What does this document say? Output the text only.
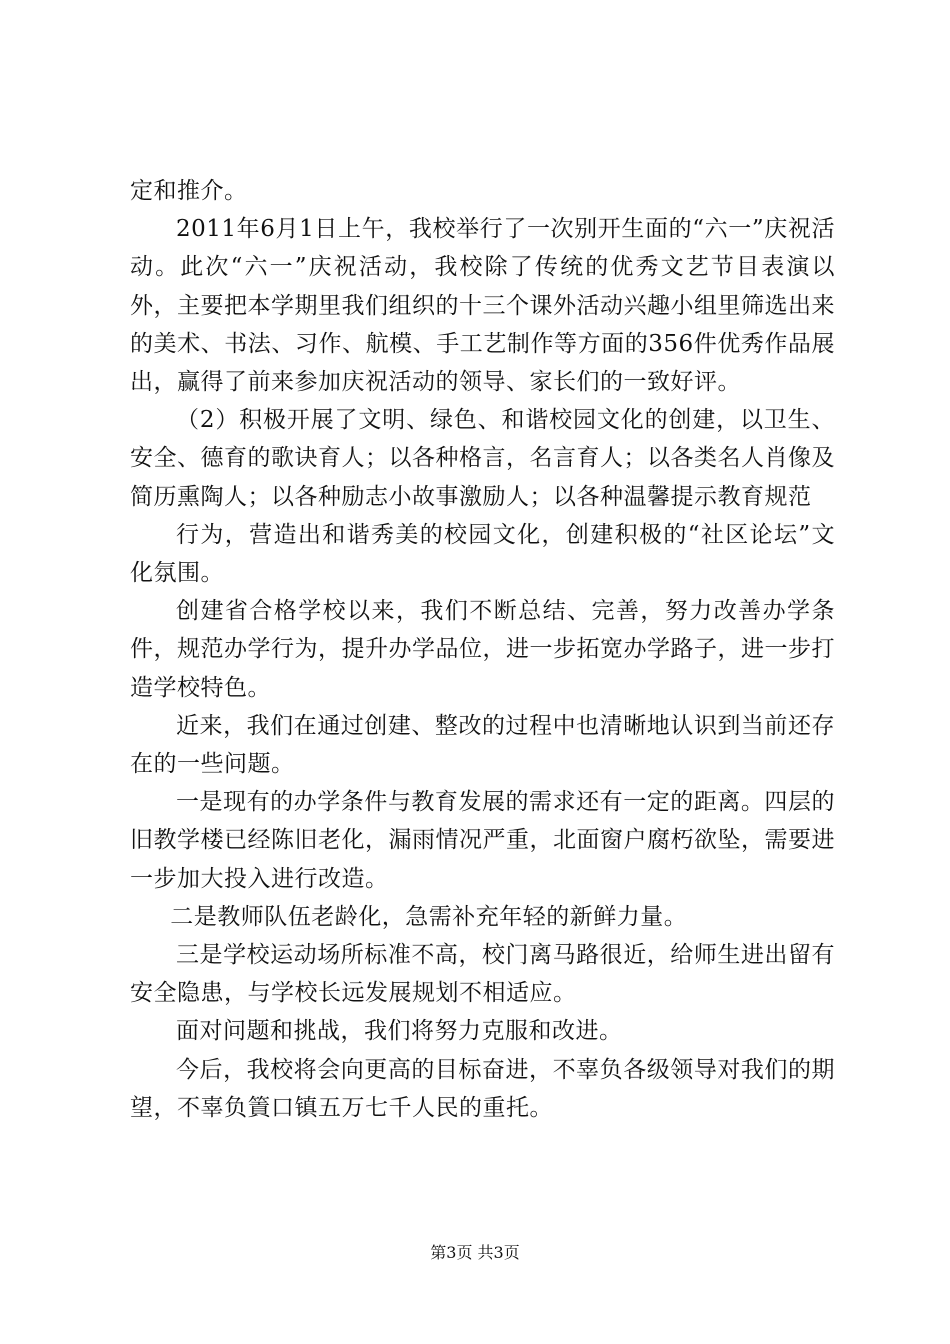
定和推介。

2011年6月1日上午，我校举行了一次别开生面的“六一”庆祝活动。此次“六一”庆祝活动，我校除了传统的优秀文艺节目表演以外，主要把本学期里我们组织的十三个课外活动兴趣小组里筛选出来的美术、书法、习作、航模、手工艺制作等方面的356件优秀作品展出，赢得了前来参加庆祝活动的领导、家长们的一致好评。

（2）积极开展了文明、绿色、和谐校园文化的创建，以卫生、安全、德育的歌诀育人；以各种格言，名言育人；以各类名人肖像及简历熏陶人；以各种励志小故事激励人；以各种温馨提示教育规范

行为，营造出和谐秀美的校园文化，创建积极的“社区论坛”文化氛围。

创建省合格学校以来，我们不断总结、完善，努力改善办学条件，规范办学行为，提升办学品位，进一步拓宽办学路子，进一步打造学校特色。

近来，我们在通过创建、整改的过程中也清晰地认识到当前还存在的一些问题。

一是现有的办学条件与教育发展的需求还有一定的距离。四层的旧教学楼已经陈旧老化，漏雨情况严重，北面窗户腐朽欲坠，需要进一步加大投入进行改造。

二是教师队伍老龄化，急需补充年轻的新鲜力量。

三是学校运动场所标准不高，校门离马路很近，给师生进出留有安全隐患，与学校长远发展规划不相适应。

面对问题和挑战，我们将努力克服和改进。

今后，我校将会向更高的目标奋进，不辜负各级领导对我们的期望，不辜负篢口镇五万七千人民的重托。

第3页 共3页
